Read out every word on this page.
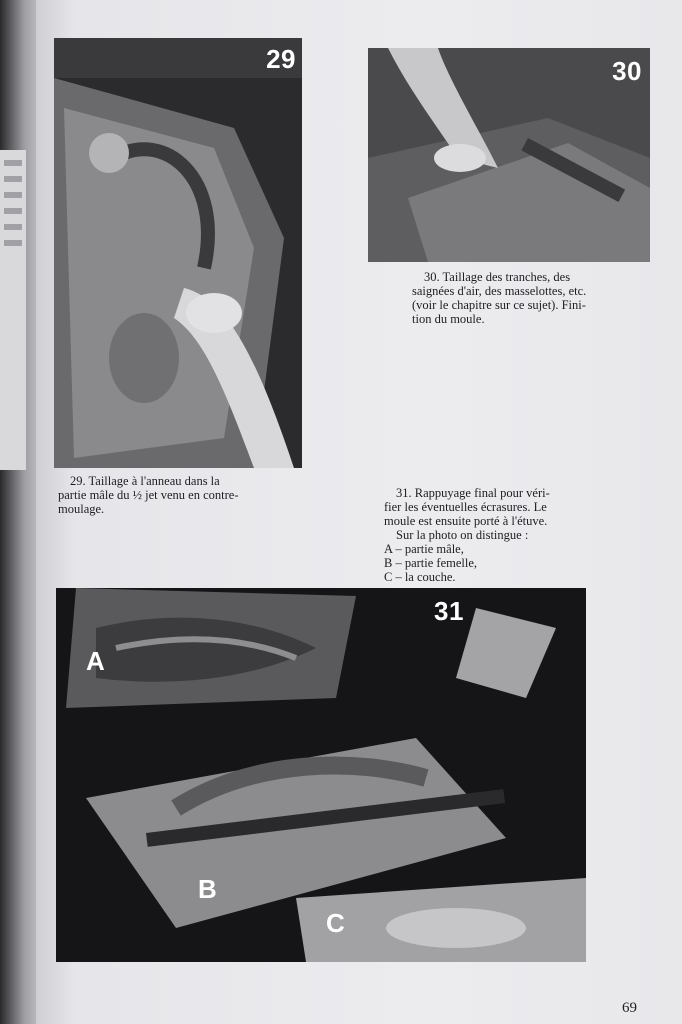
29	30

30. Taillage des tranches, des

saignées d'air, des masselottes, etc.

(voir le chapitre sur ce sujet). Fini-

tion du moule.

29. Taillage à l'anneau dans la

partie mâle du ½ jet venu en contre-

moulage.

31. Rappuyage final pour véri-

fier les éventuelles écrasures. Le

moule est ensuite porté à l'étuve.

Sur la photo on distingue :

A – partie mâle,

B – partie femelle,

C – la couche.

31
A
B
C
69
